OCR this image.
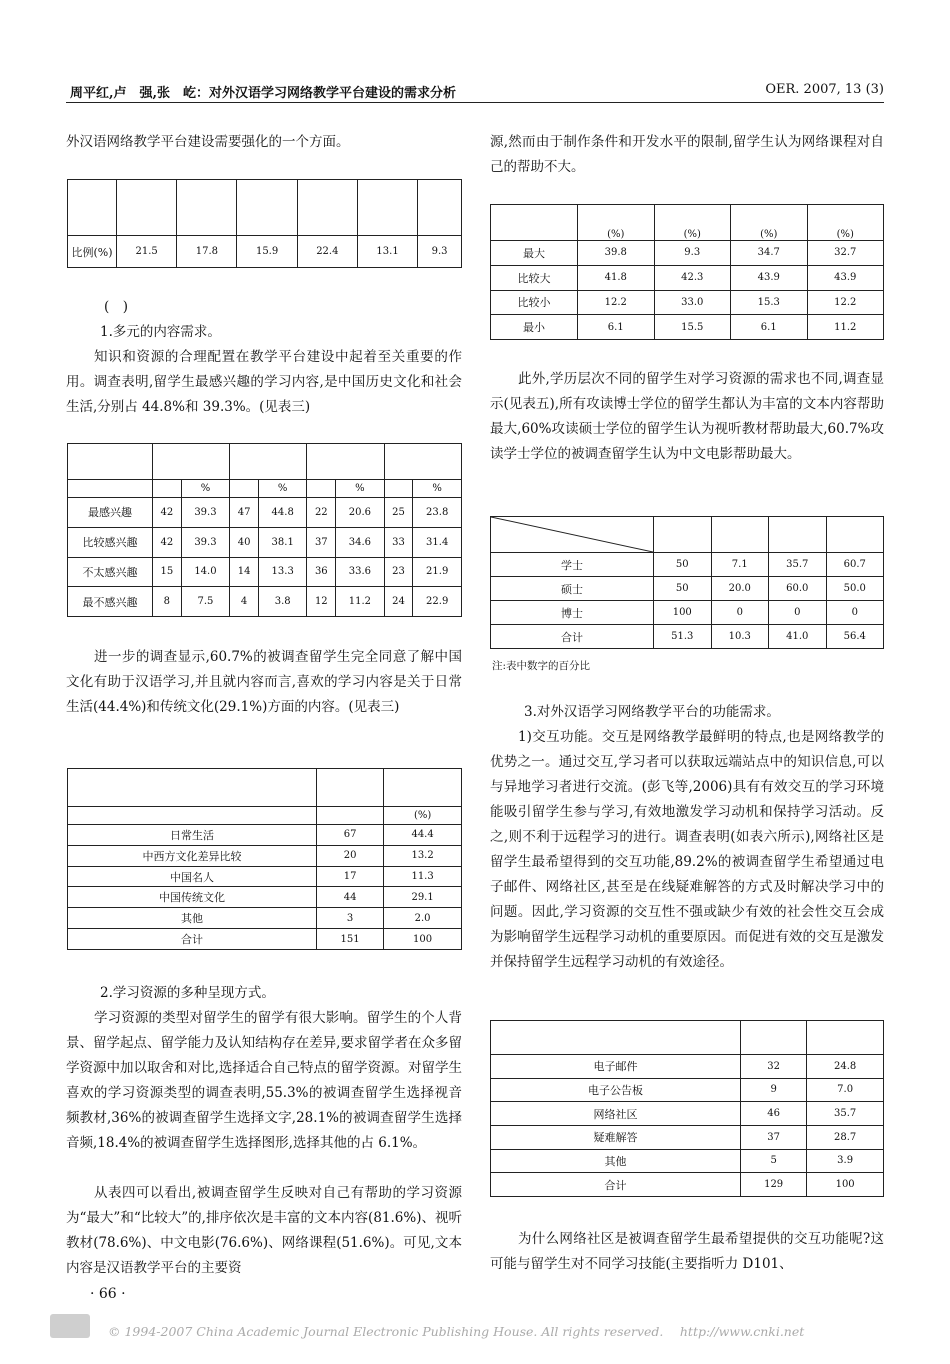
周平红,卢　强,张　屹：对外汉语学习网络教学平台建设的需求分析	OER. 2007, 13 (3)

外汉语网络教学平台建设需要强化的一个方面。

比例(%)	21.5	17.8	15.9	22.4	13.1	9.3
(　)
1.多元的内容需求。

知识和资源的合理配置在教学平台建设中起着至关重要的作用。调查表明,留学生最感兴趣的学习内容,是中国历史文化和社会生活,分别占 44.8%和 39.3%。(见表三)

		%		%		%		%
最感兴趣	42	39.3	47	44.8	22	20.6	25	23.8
比较感兴趣	42	39.3	40	38.1	37	34.6	33	31.4
不太感兴趣	15	14.0	14	13.3	36	33.6	23	21.9
最不感兴趣	8	7.5	4	3.8	12	11.2	24	22.9

进一步的调查显示,60.7%的被调查留学生完全同意了解中国文化有助于汉语学习,并且就内容而言,喜欢的学习内容是关于日常生活(44.4%)和传统文化(29.1%)方面的内容。(见表三)

		(%)
日常生活	67	44.4
中西方文化差异比较	20	13.2
中国名人	17	11.3
中国传统文化	44	29.1
其他	3	2.0
合计	151	100
2.学习资源的多种呈现方式。

学习资源的类型对留学生的留学有很大影响。留学生的个人背景、留学起点、留学能力及认知结构存在差异,要求留学者在众多留学资源中加以取舍和对比,选择适合自己特点的留学资源。对留学生喜欢的学习资源类型的调查表明,55.3%的被调查留学生选择视音频教材,36%的被调查留学生选择文字,28.1%的被调查留学生选择音频,18.4%的被调查留学生选择图形,选择其他的占 6.1%。

从表四可以看出,被调查留学生反映对自己有帮助的学习资源为“最大”和“比较大”的,排序依次是丰富的文本内容(81.6%)、视听教材(78.6%)、中文电影(76.6%)、网络课程(51.6%)。可见,文本内容是汉语教学平台的主要资

· 66 ·

源,然而由于制作条件和开发水平的限制,留学生认为网络课程对自己的帮助不大。

	(%)	(%)	(%)	(%)
最大	39.8	9.3	34.7	32.7
比较大	41.8	42.3	43.9	43.9
比较小	12.2	33.0	15.3	12.2
最小	6.1	15.5	6.1	11.2

此外,学历层次不同的留学生对学习资源的需求也不同,调查显示(见表五),所有攻读博士学位的留学生都认为丰富的文本内容帮助最大,60%攻读硕士学位的留学生认为视听教材帮助最大,60.7%攻读学士学位的被调查留学生认为中文电影帮助最大。

学士	50	7.1	35.7	60.7
硕士	50	20.0	60.0	50.0
博士	100	0	0	0
合计	51.3	10.3	41.0	56.4
注:表中数字的百分比
3.对外汉语学习网络教学平台的功能需求。

1)交互功能。交互是网络教学最鲜明的特点,也是网络教学的优势之一。通过交互,学习者可以获取远端站点中的知识信息,可以与异地学习者进行交流。(彭飞等,2006)具有有效交互的学习环境能吸引留学生参与学习,有效地激发学习动机和保持学习活动。反之,则不利于远程学习的进行。调查表明(如表六所示),网络社区是留学生最希望得到的交互功能,89.2%的被调查留学生希望通过电子邮件、网络社区,甚至是在线疑难解答的方式及时解决学习中的问题。因此,学习资源的交互性不强或缺少有效的社会性交互会成为影响留学生远程学习动机的重要原因。而促进有效的交互是激发并保持留学生远程学习动机的有效途径。

电子邮件	32	24.8
电子公告板	9	7.0
网络社区	46	35.7
疑难解答	37	28.7
其他	5	3.9
合计	129	100

为什么网络社区是被调查留学生最希望提供的交互功能呢?这可能与留学生对不同学习技能(主要指听力 D101、

© 1994-2007 China Academic Journal Electronic Publishing House. All rights reserved.　 http://www.cnki.net
